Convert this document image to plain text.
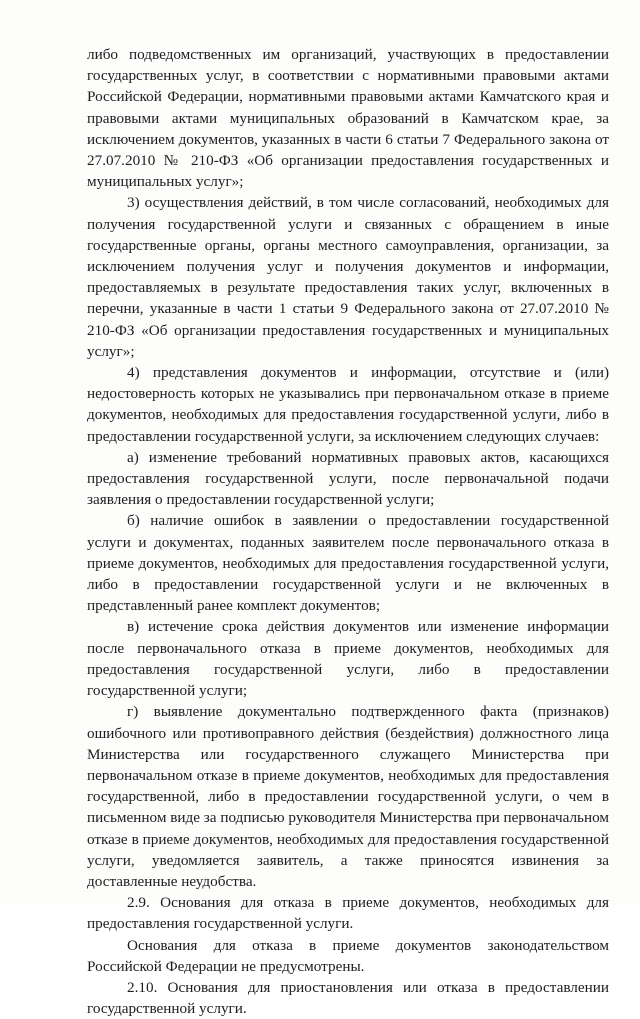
либо подведомственных им организаций, участвующих в предоставлении государственных услуг, в соответствии с нормативными правовыми актами Российской Федерации, нормативными правовыми актами Камчатского края и правовыми актами муниципальных образований в Камчатском крае, за исключением документов, указанных в части 6 статьи 7 Федерального закона от 27.07.2010 № 210-ФЗ «Об организации предоставления государственных и муниципальных услуг»;

3) осуществления действий, в том числе согласований, необходимых для получения государственной услуги и связанных с обращением в иные государственные органы, органы местного самоуправления, организации, за исключением получения услуг и получения документов и информации, предоставляемых в результате предоставления таких услуг, включенных в перечни, указанные в части 1 статьи 9 Федерального закона от 27.07.2010 № 210-ФЗ «Об организации предоставления государственных и муниципальных услуг»;

4) представления документов и информации, отсутствие и (или) недостоверность которых не указывались при первоначальном отказе в приеме документов, необходимых для предоставления государственной услуги, либо в предоставлении государственной услуги, за исключением следующих случаев:

а) изменение требований нормативных правовых актов, касающихся предоставления государственной услуги, после первоначальной подачи заявления о предоставлении государственной услуги;

б) наличие ошибок в заявлении о предоставлении государственной услуги и документах, поданных заявителем после первоначального отказа в приеме документов, необходимых для предоставления государственной услуги, либо в предоставлении государственной услуги и не включенных в представленный ранее комплект документов;

в) истечение срока действия документов или изменение информации после первоначального отказа в приеме документов, необходимых для предоставления государственной услуги, либо в предоставлении государственной услуги;

г) выявление документально подтвержденного факта (признаков) ошибочного или противоправного действия (бездействия) должностного лица Министерства или государственного служащего Министерства при первоначальном отказе в приеме документов, необходимых для предоставления государственной, либо в предоставлении государственной услуги, о чем в письменном виде за подписью руководителя Министерства при первоначальном отказе в приеме документов, необходимых для предоставления государственной услуги, уведомляется заявитель, а также приносятся извинения за доставленные неудобства.

2.9. Основания для отказа в приеме документов, необходимых для предоставления государственной услуги.

Основания для отказа в приеме документов законодательством Российской Федерации не предусмотрены.

2.10. Основания для приостановления или отказа в предоставлении государственной услуги.
